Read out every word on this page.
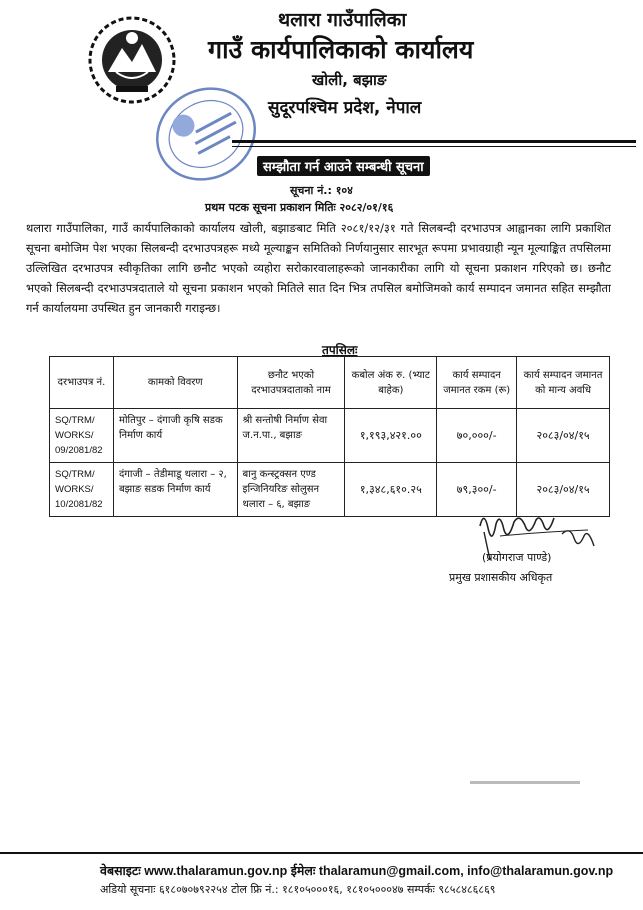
थलारा गाउँपालिका
गाउँ कार्यपालिकाको कार्यालय
खोली, बझाङ
सुदूरपश्चिम प्रदेश, नेपाल
सम्झौता गर्न आउने सम्बन्धी सूचना
सूचना नं.: १०४
प्रथम पटक सूचना प्रकाशन मितिः २०८२/०१/१६
थलारा गाउँपालिका, गाउँ कार्यपालिकाको कार्यालय खोली, बझाङबाट मिति २०८१/१२/३१ गते सिलबन्दी दरभाउपत्र आह्वानका लागि प्रकाशित सूचना बमोजिम पेश भएका सिलबन्दी दरभाउपत्रहरू मध्ये मूल्याङ्कन समितिको निर्णयानुसार सारभूत रूपमा प्रभावग्राही न्यून मूल्याङ्कित तपसिलमा उल्लिखित दरभाउपत्र स्वीकृतिका लागि छनौट भएको व्यहोरा सरोकारवालाहरूको जानकारीका लागि यो सूचना प्रकाशन गरिएको छ। छनौट भएको सिलबन्दी दरभाउपत्रदाताले यो सूचना प्रकाशन भएको मितिले सात दिन भित्र तपसिल बमोजिमको कार्य सम्पादन जमानत सहित सम्झौता गर्न कार्यालयमा उपस्थित हुन जानकारी गराइन्छ।
तपसिलः
दरभाउपत्र नं.	कामको विवरण	छनौट भएको दरभाउपत्रदाताको नाम	कबोल अंक रु. (भ्याट बाहेक)	कार्य सम्पादन जमानत रकम (रू)	कार्य सम्पादन जमानत को मान्य अवधि
SQ/TRM/ WORKS/ 09/2081/82	मोतिपुर – दंगाजी कृषि सडक निर्माण कार्य	श्री सन्तोषी निर्माण सेवा ज.न.पा., बझाङ	१,१९३,४२१.००	७०,०००/-	२०८३/०४/१५
SQ/TRM/ WORKS/ 10/2081/82	दंगाजी – तेडीमाडू थलारा – २, बझाङ सडक निर्माण कार्य	बानु कन्स्ट्रक्सन एण्ड इन्जिनियरिङ सोलुसन थलारा – ६, बझाङ	१,३४८,६१०.२५	७९,३००/-	२०८३/०४/१५
(प्रयोगराज पाण्डे)
प्रमुख प्रशासकीय अधिकृत
वेबसाइटः www.thalaramun.gov.np ईमेलः thalaramun@gmail.com, info@thalaramun.gov.np
अडियो सूचनाः ६१८०७०७९२२५४ टोल फ्रि नं.: १८१०५०००१६, १८१०५०००४७ सम्पर्कः ९८५८४८६८६९
